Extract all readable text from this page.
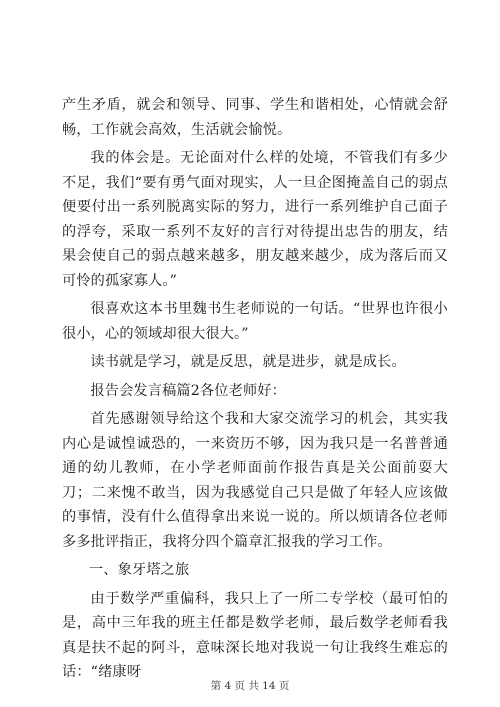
产生矛盾，就会和领导、同事、学生和谐相处，心情就会舒畅，工作就会高效，生活就会愉悦。

我的体会是。无论面对什么样的处境，不管我们有多少不足，我们“要有勇气面对现实，人一旦企图掩盖自己的弱点便要付出一系列脱离实际的努力，进行一系列维护自己面子的浮夸，采取一系列不友好的言行对待提出忠告的朋友，结果会使自己的弱点越来越多，朋友越来越少，成为落后而又可怜的孤家寡人。”

很喜欢这本书里魏书生老师说的一句话。“世界也许很小很小，心的领域却很大很大。”

读书就是学习，就是反思，就是进步，就是成长。

报告会发言稿篇2各位老师好：

首先感谢领导给这个我和大家交流学习的机会，其实我内心是诚惶诚恐的，一来资历不够，因为我只是一名普普通通的幼儿教师，在小学老师面前作报告真是关公面前耍大刀；二来愧不敢当，因为我感觉自己只是做了年轻人应该做的事情，没有什么值得拿出来说一说的。所以烦请各位老师多多批评指正，我将分四个篇章汇报我的学习工作。

一、象牙塔之旅

由于数学严重偏科，我只上了一所二专学校（最可怕的是，高中三年我的班主任都是数学老师，最后数学老师看我真是扶不起的阿斗，意味深长地对我说一句让我终生难忘的话：“绪康呀

第 4 页 共 14 页
